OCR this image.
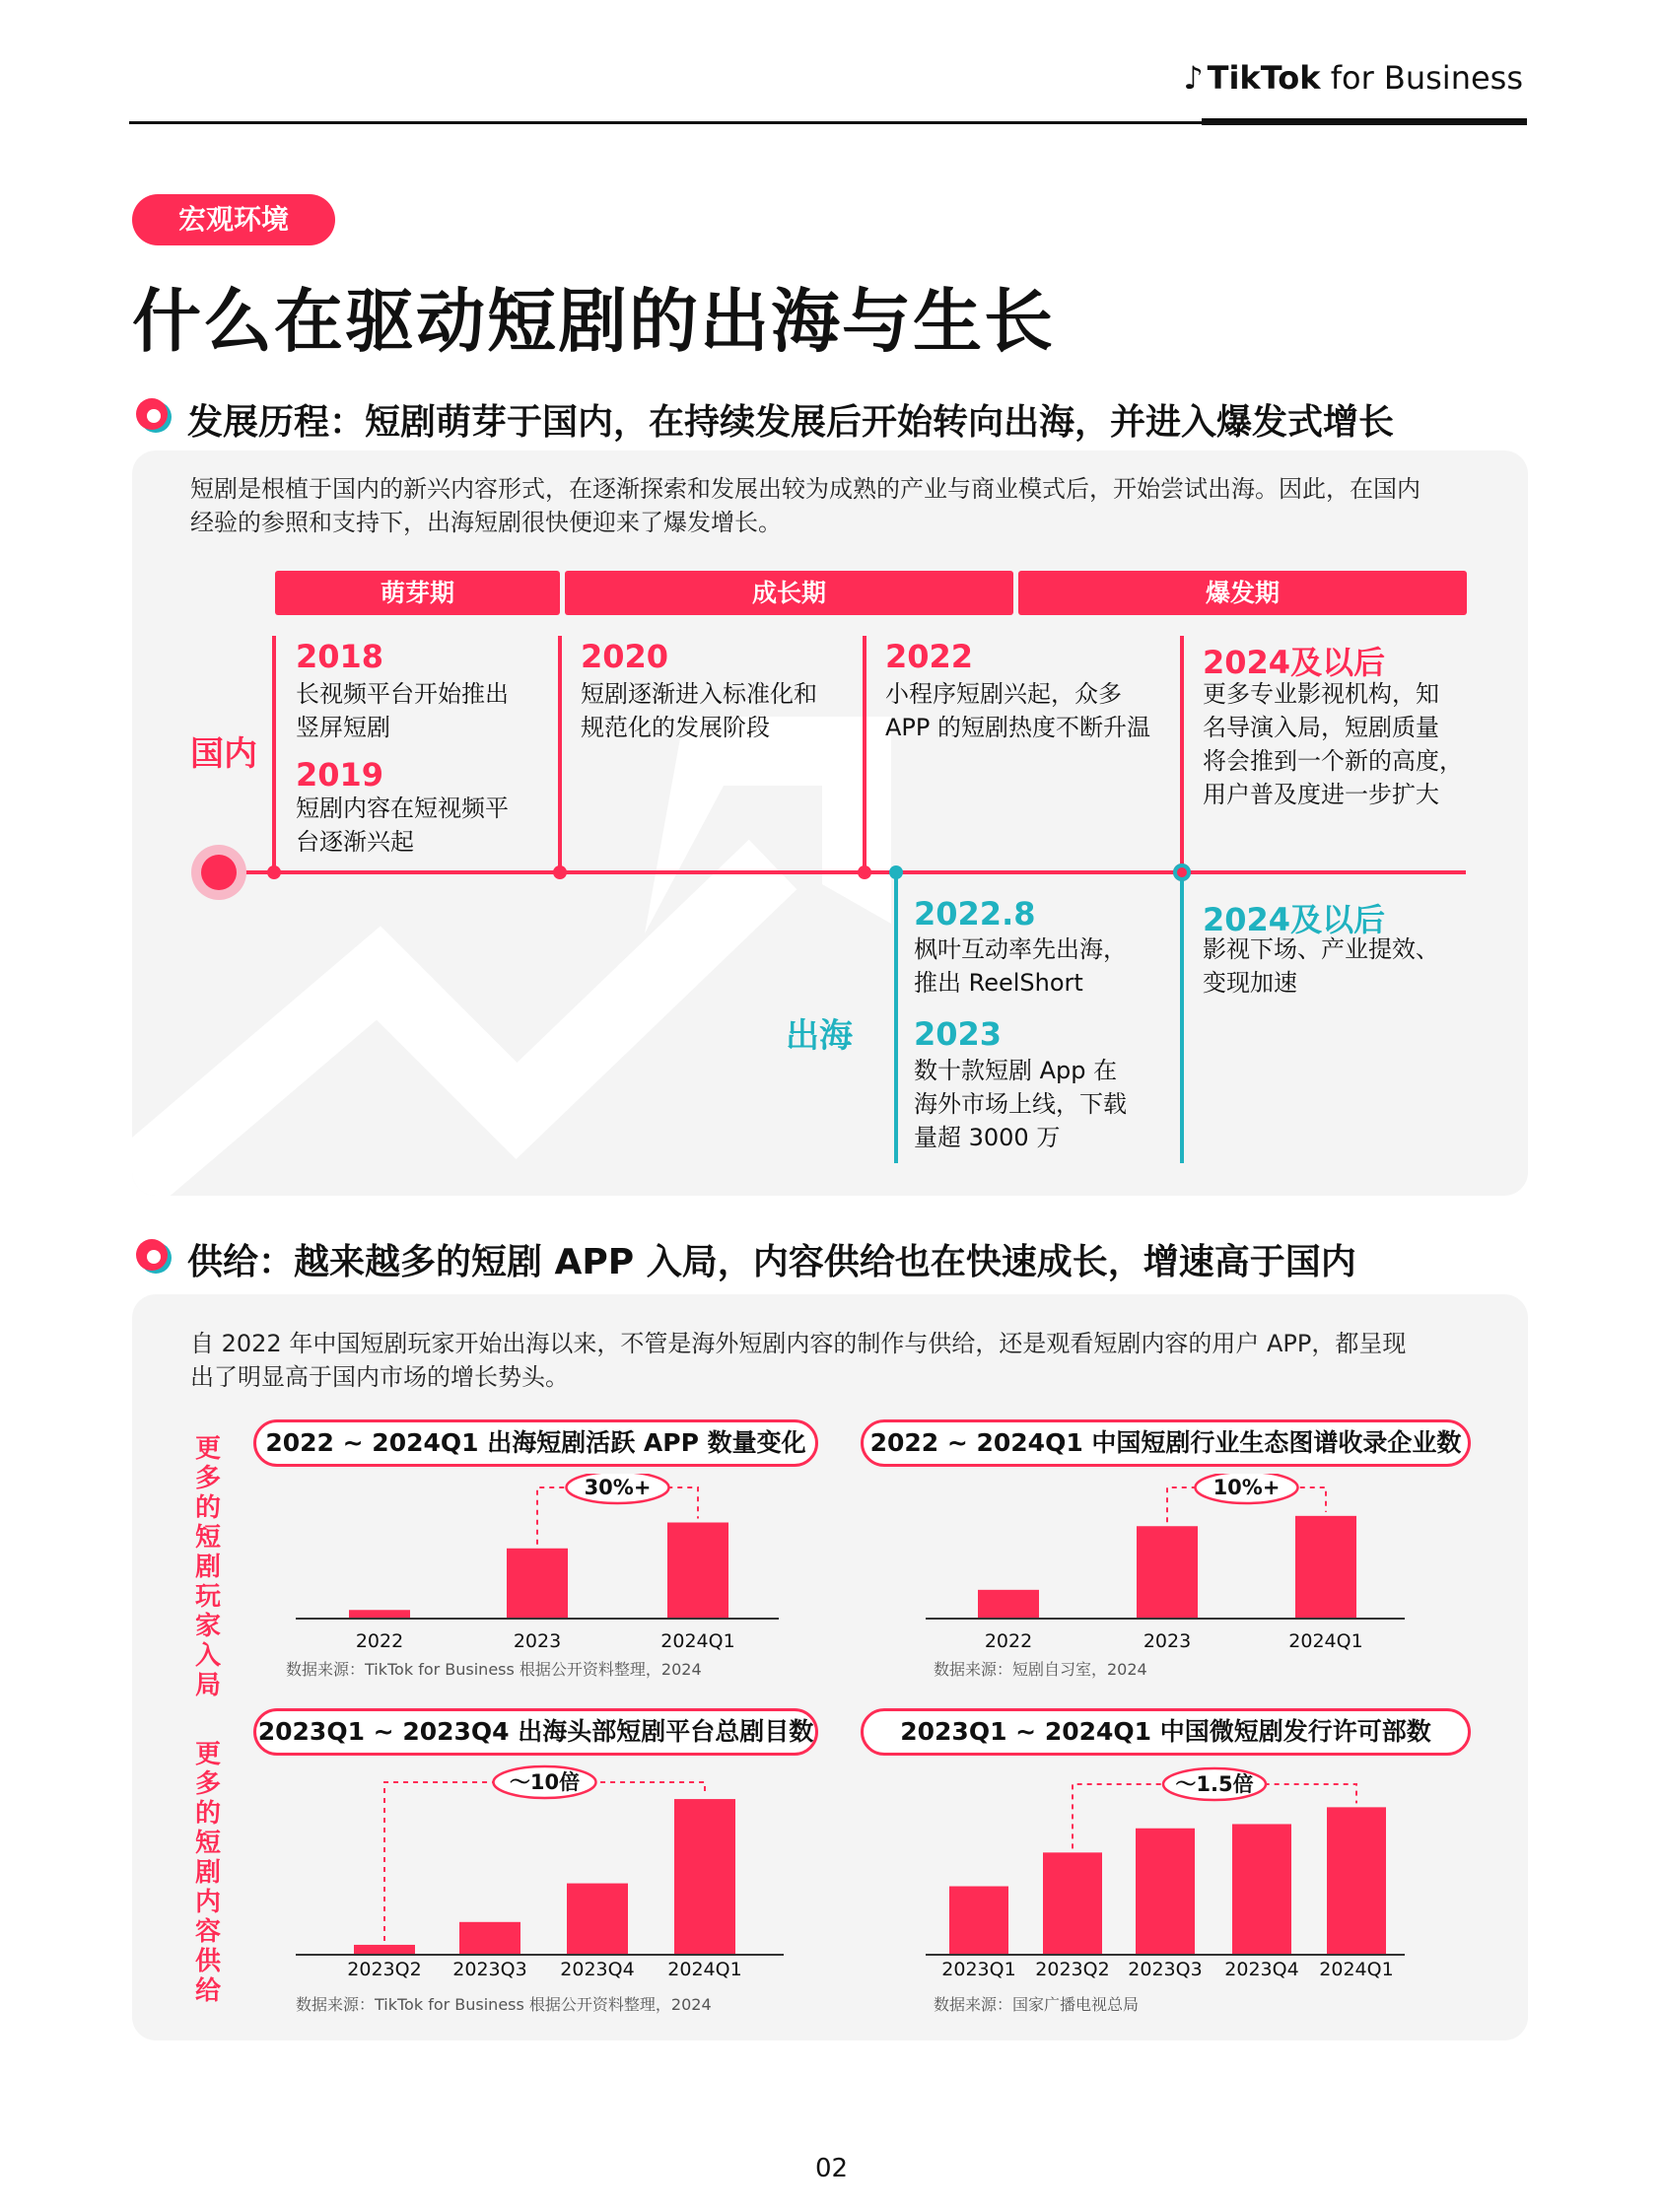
♪ TikTok for Business
宏观环境
什么在驱动短剧的出海与生长
发展历程：短剧萌芽于国内，在持续发展后开始转向出海，并进入爆发式增长
短剧是根植于国内的新兴内容形式，在逐渐探索和发展出较为成熟的产业与商业模式后，开始尝试出海。因此，在国内
经验的参照和支持下，出海短剧很快便迎来了爆发增长。
萌芽期	成长期	爆发期
国内
出海
2018
长视频平台开始推出
竖屏短剧
2019
短剧内容在短视频平
台逐渐兴起
2020
短剧逐渐进入标准化和
规范化的发展阶段
2022
小程序短剧兴起，众多
APP 的短剧热度不断升温
2024及以后
更多专业影视机构，知
名导演入局，短剧质量
将会推到一个新的高度，
用户普及度进一步扩大
2022.8
枫叶互动率先出海，
推出 ReelShort
2023
数十款短剧 App 在
海外市场上线，下载
量超 3000 万
2024及以后
影视下场、产业提效、
变现加速
供给：越来越多的短剧 APP 入局，内容供给也在快速成长，增速高于国内
自 2022 年中国短剧玩家开始出海以来，不管是海外短剧内容的制作与供给，还是观看短剧内容的用户 APP，都呈现
出了明显高于国内市场的增长势头。
更
多
的
短
剧
玩
家
入
局
更
多
的
短
剧
内
容
供
给
2022 ~ 2024Q1 出海短剧活跃 APP 数量变化
2022	2023	2024Q1
30%+
数据来源：TikTok for Business 根据公开资料整理，2024
2022 ~ 2024Q1 中国短剧行业生态图谱收录企业数
2022	2023	2024Q1
10%+
数据来源：短剧自习室，2024
2023Q1 ~ 2023Q4 出海头部短剧平台总剧目数
2023Q2 2023Q3 2023Q4 2024Q1
～10倍
数据来源：TikTok for Business 根据公开资料整理，2024
2023Q1 ~ 2024Q1 中国微短剧发行许可部数
2023Q1 2023Q2 2023Q3 2023Q4 2024Q1
～1.5倍
数据来源：国家广播电视总局
02
